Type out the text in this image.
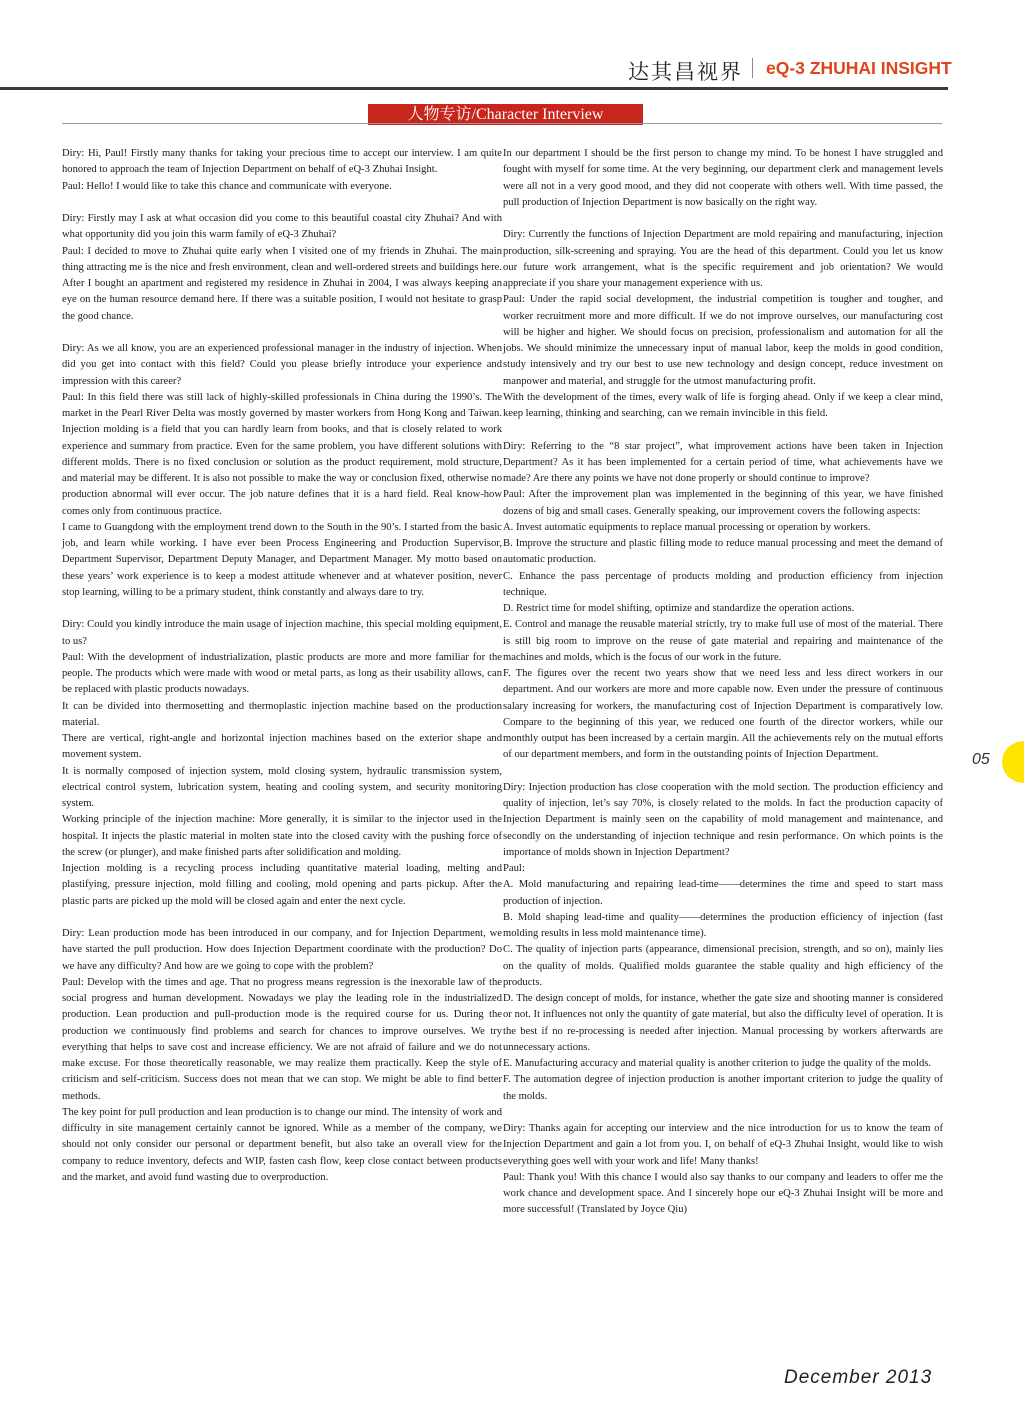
达其昌视界 eQ-3 ZHUHAI INSIGHT
人物专访/Character Interview

Diry: Hi, Paul! Firstly many thanks for taking your precious time to accept our interview. I am quite honored to approach the team of Injection Department on behalf of eQ-3 Zhuhai Insight.

Paul: Hello! I would like to take this chance and communicate with everyone.

Diry: Firstly may I ask at what occasion did you come to this beautiful coastal city Zhuhai? And with what opportunity did you join this warm family of eQ-3 Zhuhai?

Paul: I decided to move to Zhuhai quite early when I visited one of my friends in Zhuhai. The main thing attracting me is the nice and fresh environment, clean and well-ordered streets and buildings here. After I bought an apartment and registered my residence in Zhuhai in 2004, I was always keeping an eye on the human resource demand here. If there was a suitable position, I would not hesitate to grasp the good chance.

Diry: As we all know, you are an experienced professional manager in the industry of injection. When did you get into contact with this field? Could you please briefly introduce your experience and impression with this career?

Paul: In this field there was still lack of highly-skilled professionals in China during the 1990’s. The market in the Pearl River Delta was mostly governed by master workers from Hong Kong and Taiwan. Injection molding is a field that you can hardly learn from books, and that is closely related to work experience and summary from practice. Even for the same problem, you have different solutions with different molds. There is no fixed conclusion or solution as the product requirement, mold structure, and material may be different. It is also not possible to make the way or conclusion fixed, otherwise no production abnormal will ever occur. The job nature defines that it is a hard field. Real know-how comes only from continuous practice.

I came to Guangdong with the employment trend down to the South in the 90’s. I started from the basic job, and learn while working. I have ever been Process Engineering and Production Supervisor, Department Supervisor, Department Deputy Manager, and Department Manager. My motto based on these years’ work experience is to keep a modest attitude whenever and at whatever position, never stop learning, willing to be a primary student, think constantly and always dare to try.

Diry: Could you kindly introduce the main usage of injection machine, this special molding equipment, to us?

Paul: With the development of industrialization, plastic products are more and more familiar for the people. The products which were made with wood or metal parts, as long as their usability allows, can be replaced with plastic products nowadays.

It can be divided into thermosetting and thermoplastic injection machine based on the production material.

There are vertical, right-angle and horizontal injection machines based on the exterior shape and movement system.

It is normally composed of injection system, mold closing system, hydraulic transmission system, electrical control system, lubrication system, heating and cooling system, and security monitoring system.

Working principle of the injection machine: More generally, it is similar to the injector used in the hospital. It injects the plastic material in molten state into the closed cavity with the pushing force of the screw (or plunger), and make finished parts after solidification and molding.

Injection molding is a recycling process including quantitative material loading, melting and plastifying, pressure injection, mold filling and cooling, mold opening and parts pickup. After the plastic parts are picked up the mold will be closed again and enter the next cycle.

Diry: Lean production mode has been introduced in our company, and for Injection Department, we have started the pull production. How does Injection Department coordinate with the production? Do we have any difficulty? And how are we going to cope with the problem?

Paul: Develop with the times and age. That no progress means regression is the inexorable law of the social progress and human development. Nowadays we play the leading role in the industrialized production. Lean production and pull-production mode is the required course for us. During the production we continuously find problems and search for chances to improve ourselves. We try everything that helps to save cost and increase efficiency. We are not afraid of failure and we do not make excuse. For those theoretically reasonable, we may realize them practically. Keep the style of criticism and self-criticism. Success does not mean that we can stop. We might be able to find better methods.

The key point for pull production and lean production is to change our mind. The intensity of work and difficulty in site management certainly cannot be ignored. While as a member of the company, we should not only consider our personal or department benefit, but also take an overall view for the company to reduce inventory, defects and WIP, fasten cash flow, keep close contact between products and the market, and avoid fund wasting due to overproduction.

In our department I should be the first person to change my mind. To be honest I have struggled and fought with myself for some time. At the very beginning, our department clerk and management levels were all not in a very good mood, and they did not cooperate with others well. With time passed, the pull production of Injection Department is now basically on the right way.

Diry: Currently the functions of Injection Department are mold repairing and manufacturing, injection production, silk-screening and spraying. You are the head of this department. Could you let us know our future work arrangement, what is the specific requirement and job orientation? We would appreciate if you share your management experience with us.

Paul: Under the rapid social development, the industrial competition is tougher and tougher, and worker recruitment more and more difficult. If we do not improve ourselves, our manufacturing cost will be higher and higher. We should focus on precision, professionalism and automation for all the jobs. We should minimize the unnecessary input of manual labor, keep the molds in good condition, study intensively and try our best to use new technology and design concept, reduce investment on manpower and material, and struggle for the utmost manufacturing profit.

With the development of the times, every walk of life is forging ahead. Only if we keep a clear mind, keep learning, thinking and searching, can we remain invincible in this field.

Diry: Referring to the “8 star project”, what improvement actions have been taken in Injection Department? As it has been implemented for a certain period of time, what achievements have we made? Are there any points we have not done properly or should continue to improve?

Paul: After the improvement plan was implemented in the beginning of this year, we have finished dozens of big and small cases. Generally speaking, our improvement covers the following aspects:

A. Invest automatic equipments to replace manual processing or operation by workers.

B. Improve the structure and plastic filling mode to reduce manual processing and meet the demand of automatic production.

C. Enhance the pass percentage of products molding and production efficiency from injection technique.

D. Restrict time for model shifting, optimize and standardize the operation actions.

E. Control and manage the reusable material strictly, try to make full use of most of the material. There is still big room to improve on the reuse of gate material and repairing and maintenance of the machines and molds, which is the focus of our work in the future.

F. The figures over the recent two years show that we need less and less direct workers in our department. And our workers are more and more capable now. Even under the pressure of continuous salary increasing for workers, the manufacturing cost of Injection Department is comparatively low. Compare to the beginning of this year, we reduced one fourth of the director workers, while our monthly output has been increased by a certain margin. All the achievements rely on the mutual efforts of our department members, and form in the outstanding points of Injection Department.

Diry: Injection production has close cooperation with the mold section. The production efficiency and quality of injection, let’s say 70%, is closely related to the molds. In fact the production capacity of Injection Department is mainly seen on the capability of mold management and maintenance, and secondly on the understanding of injection technique and resin performance. On which points is the importance of molds shown in Injection Department?

Paul:

A. Mold manufacturing and repairing lead-time——determines the time and speed to start mass production of injection.

B. Mold shaping lead-time and quality——determines the production efficiency of injection (fast molding results in less mold maintenance time).

C. The quality of injection parts (appearance, dimensional precision, strength, and so on), mainly lies on the quality of molds. Qualified molds guarantee the stable quality and high efficiency of the products.

D. The design concept of molds, for instance, whether the gate size and shooting manner is considered or not. It influences not only the quantity of gate material, but also the difficulty level of operation. It is the best if no re-processing is needed after injection. Manual processing by workers afterwards are unnecessary actions.

E. Manufacturing accuracy and material quality is another criterion to judge the quality of the molds.

F. The automation degree of injection production is another important criterion to judge the quality of the molds.

Diry: Thanks again for accepting our interview and the nice introduction for us to know the team of Injection Department and gain a lot from you. I, on behalf of eQ-3 Zhuhai Insight, would like to wish everything goes well with your work and life! Many thanks!

Paul: Thank you! With this chance I would also say thanks to our company and leaders to offer me the work chance and development space. And I sincerely hope our eQ-3 Zhuhai Insight will be more and more successful! (Translated by Joyce Qiu)

05
December 2013
